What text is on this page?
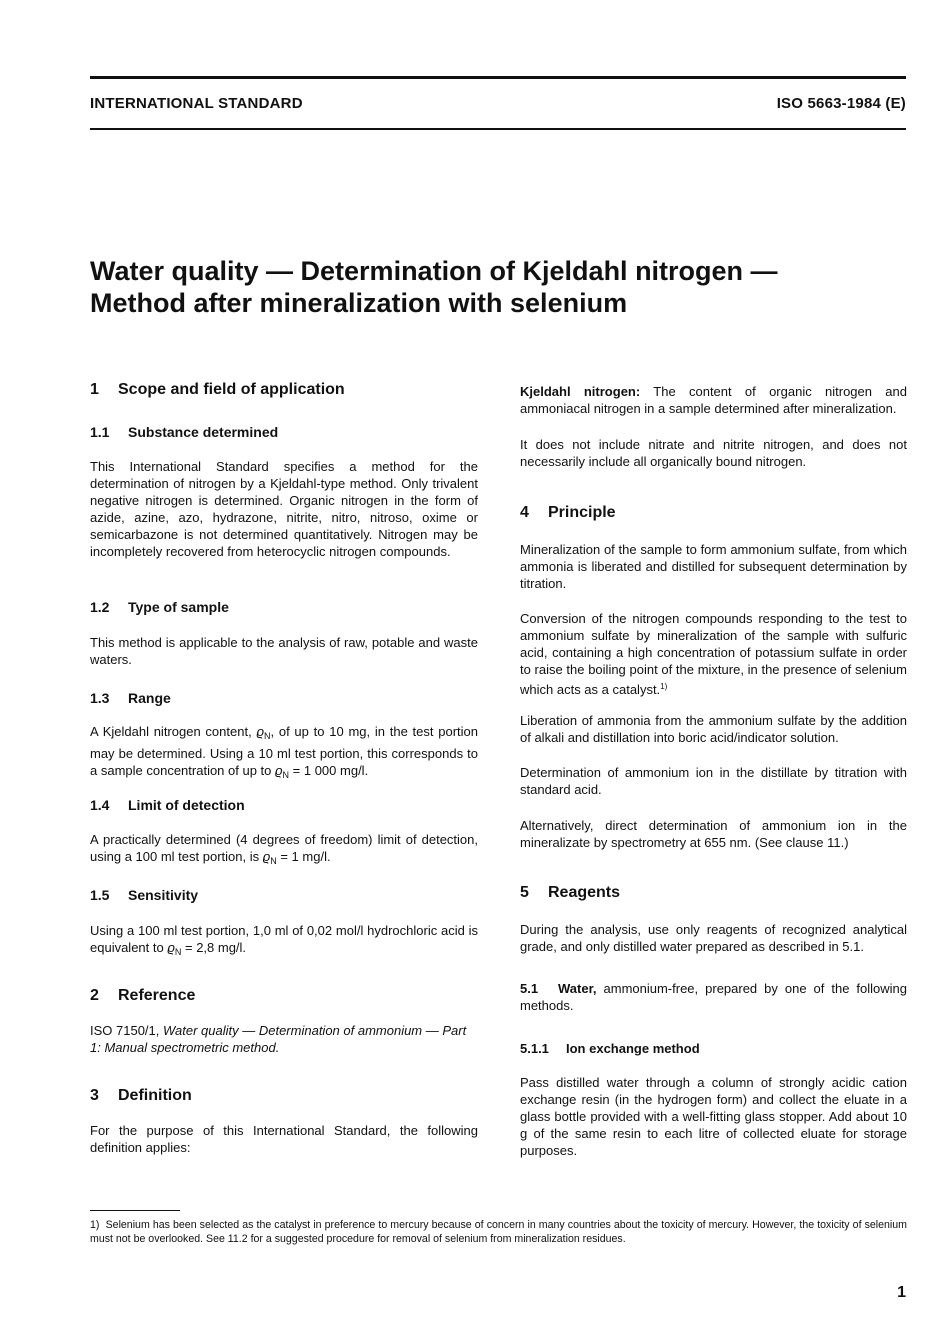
INTERNATIONAL STANDARD	ISO 5663-1984 (E)
Water quality — Determination of Kjeldahl nitrogen —
Method after mineralization with selenium
1 Scope and field of application
1.1 Substance determined

This International Standard specifies a method for the determination of nitrogen by a Kjeldahl-type method. Only trivalent negative nitrogen is determined. Organic nitrogen in the form of azide, azine, azo, hydrazone, nitrite, nitro, nitroso, oxime or semicarbazone is not determined quantitatively. Nitrogen may be incompletely recovered from heterocyclic nitrogen compounds.

1.2 Type of sample

This method is applicable to the analysis of raw, potable and waste waters.

1.3 Range

A Kjeldahl nitrogen content, $ϱ_N$, of up to 10 mg, in the test portion may be determined. Using a 10 ml test portion, this corresponds to a sample concentration of up to $ϱ_N = 1$ 000 mg/l.

1.4 Limit of detection

A practically determined (4 degrees of freedom) limit of detection, using a 100 ml test portion, is $ϱ_N = 1$ mg/l.

1.5 Sensitivity

Using a 100 ml test portion, 1,0 ml of 0,02 mol/l hydrochloric acid is equivalent to $ϱ_N = 2,8$ mg/l.

2 Reference

ISO 7150/1, Water quality — Determination of ammonium — Part 1: Manual spectrometric method.

3 Definition

For the purpose of this International Standard, the following definition applies:

Kjeldahl nitrogen: The content of organic nitrogen and ammoniacal nitrogen in a sample determined after mineralization.

It does not include nitrate and nitrite nitrogen, and does not necessarily include all organically bound nitrogen.

4 Principle

Mineralization of the sample to form ammonium sulfate, from which ammonia is liberated and distilled for subsequent determination by titration.

Conversion of the nitrogen compounds responding to the test to ammonium sulfate by mineralization of the sample with sulfuric acid, containing a high concentration of potassium sulfate in order to raise the boiling point of the mixture, in the presence of selenium which acts as a catalyst.$^{1)}$

Liberation of ammonia from the ammonium sulfate by the addition of alkali and distillation into boric acid/indicator solution.

Determination of ammonium ion in the distillate by titration with standard acid.

Alternatively, direct determination of ammonium ion in the mineralizate by spectrometry at 655 nm. (See clause 11.)

5 Reagents

During the analysis, use only reagents of recognized analytical grade, and only distilled water prepared as described in 5.1.

5.1 Water, ammonium-free, prepared by one of the following methods.

5.1.1 Ion exchange method

Pass distilled water through a column of strongly acidic cation exchange resin (in the hydrogen form) and collect the eluate in a glass bottle provided with a well-fitting glass stopper. Add about 10 g of the same resin to each litre of collected eluate for storage purposes.

1) Selenium has been selected as the catalyst in preference to mercury because of concern in many countries about the toxicity of mercury. However, the toxicity of selenium must not be overlooked. See 11.2 for a suggested procedure for removal of selenium from mineralization residues.
1
